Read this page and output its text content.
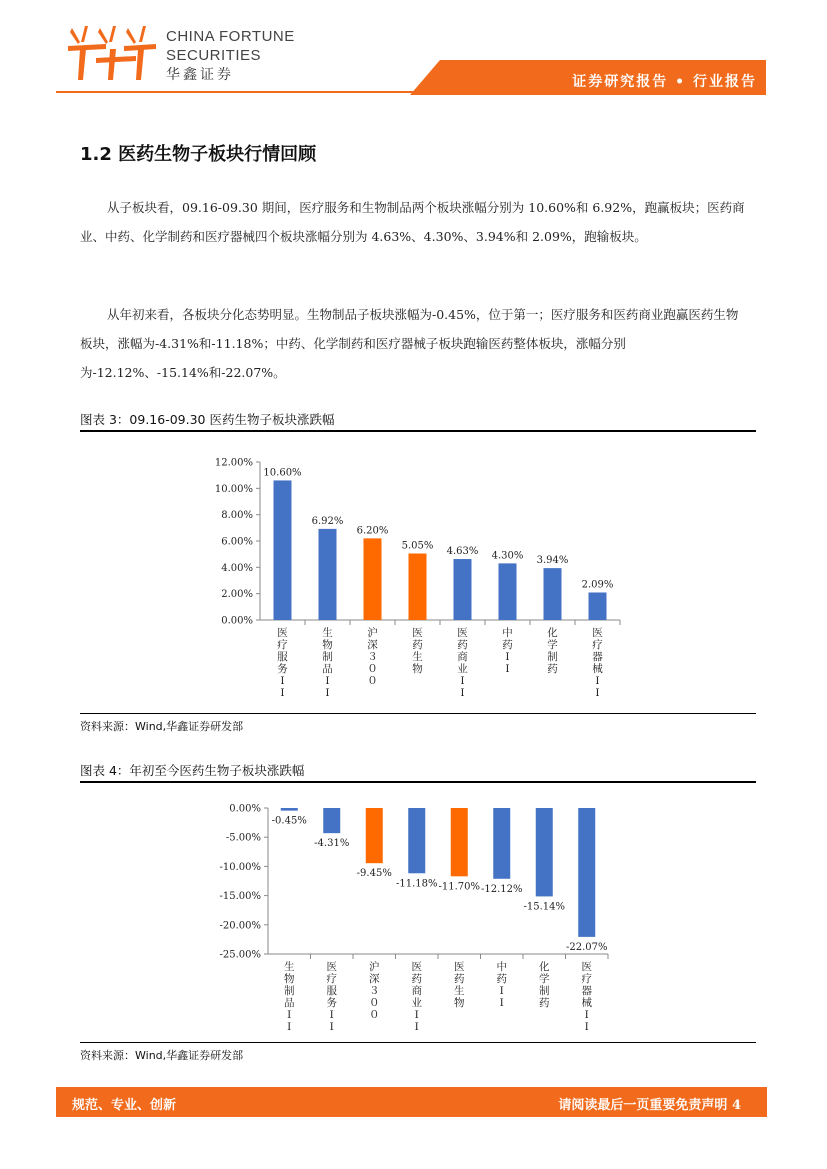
CHINA FORTUNE
SECURITIES
华鑫证券	证券研究报告 • 行业报告
1.2 医药生物子板块行情回顾

从子板块看，09.16-09.30 期间，医疗服务和生物制品两个板块涨幅分别为 10.60%和 6.92%，跑赢板块；医药商业、中药、化学制药和医疗器械四个板块涨幅分别为 4.63%、4.30%、3.94%和 2.09%，跑输板块。

从年初来看，各板块分化态势明显。生物制品子板块涨幅为-0.45%，位于第一；医疗服务和医药商业跑赢医药生物板块，涨幅为-4.31%和-11.18%；中药、化学制药和医疗器械子板块跑输医药整体板块，涨幅分别为-12.12%、-15.14%和-22.07%。

图表 3：09.16-09.30 医药生物子板块涨跌幅
0.00%
2.00%
4.00%
6.00%
8.00%
10.00%
12.00%
10.60%
医疗服务 I I
6.92%
生物制品 I I
6.20%
沪深３００
5.05%
医药生物
4.63%
医药商业 I I
4.30%
中药 I I
3.94%
化学制药
2.09%
医疗器械 I I
资料来源：Wind,华鑫证券研发部
图表 4：年初至今医药生物子板块涨跌幅
0.00%
-5.00%
-10.00%
-15.00%
-20.00%
-25.00%
-0.45%
生物制品 I I
-4.31%
医疗服务 I I
-9.45%
沪深３００
-11.18%
医药商业 I I
-11.70%
医药生物
-12.12%
中药 I I
-15.14%
化学制药
-22.07%
医疗器械 I I
资料来源：Wind,华鑫证券研发部
规范、专业、创新	请阅读最后一页重要免责声明 4
